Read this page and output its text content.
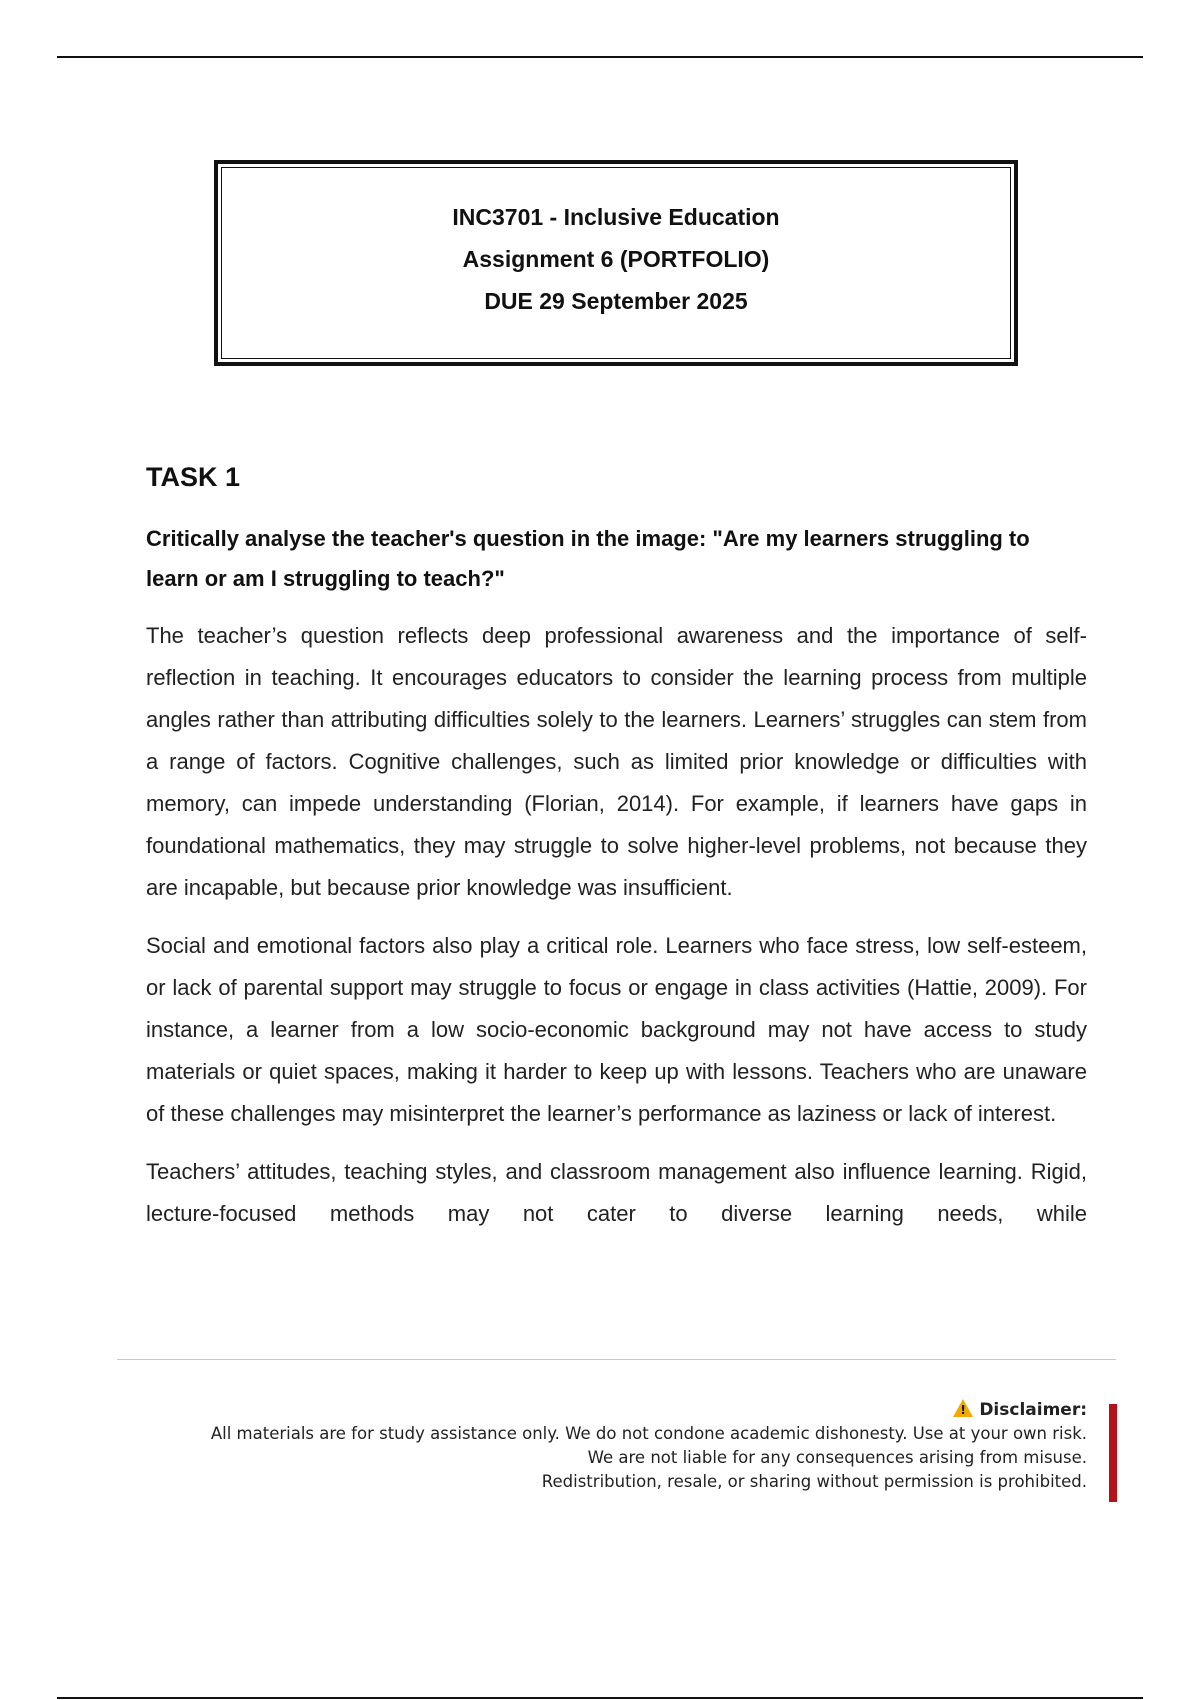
INC3701 - Inclusive Education
Assignment 6 (PORTFOLIO)
DUE 29 September 2025
TASK 1
Critically analyse the teacher's question in the image: "Are my learners struggling to learn or am I struggling to teach?"

The teacher’s question reflects deep professional awareness and the importance of self-reflection in teaching. It encourages educators to consider the learning process from multiple angles rather than attributing difficulties solely to the learners. Learners’ struggles can stem from a range of factors. Cognitive challenges, such as limited prior knowledge or difficulties with memory, can impede understanding (Florian, 2014). For example, if learners have gaps in foundational mathematics, they may struggle to solve higher-level problems, not because they are incapable, but because prior knowledge was insufficient.

Social and emotional factors also play a critical role. Learners who face stress, low self-esteem, or lack of parental support may struggle to focus or engage in class activities (Hattie, 2009). For instance, a learner from a low socio-economic background may not have access to study materials or quiet spaces, making it harder to keep up with lessons. Teachers who are unaware of these challenges may misinterpret the learner’s performance as laziness or lack of interest.

Teachers’ attitudes, teaching styles, and classroom management also influence learning. Rigid, lecture-focused methods may not cater to diverse learning needs, while

!Disclaimer:
All materials are for study assistance only. We do not condone academic dishonesty. Use at your own risk.
We are not liable for any consequences arising from misuse.
Redistribution, resale, or sharing without permission is prohibited.
